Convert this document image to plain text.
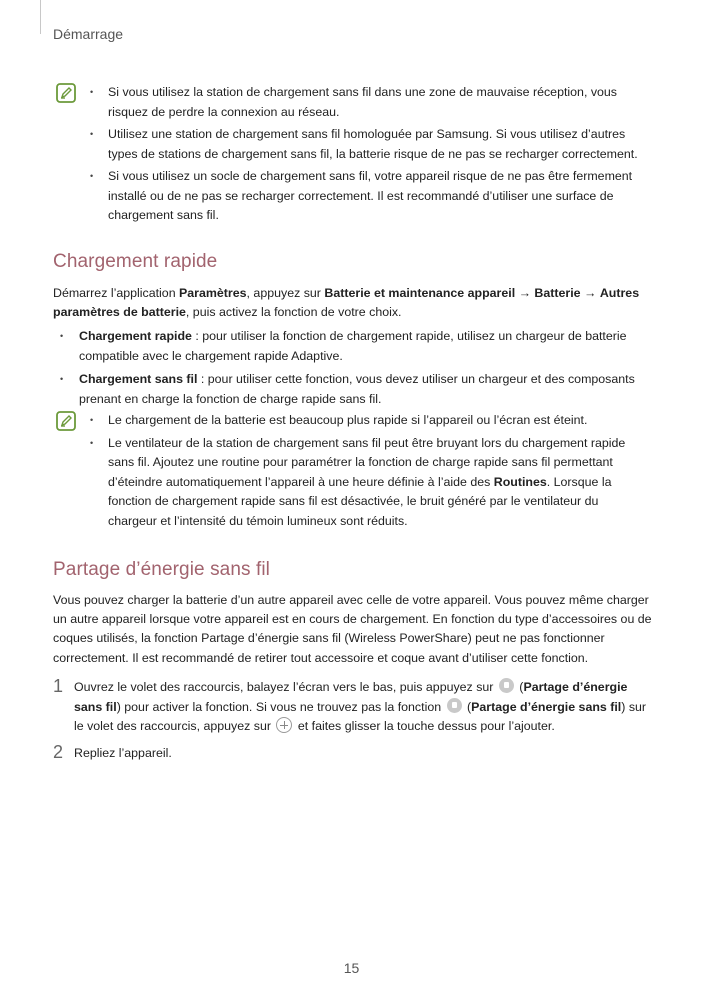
Démarrage
• Si vous utilisez la station de chargement sans fil dans une zone de mauvaise réception, vous risquez de perdre la connexion au réseau.
• Utilisez une station de chargement sans fil homologuée par Samsung. Si vous utilisez d’autres types de stations de chargement sans fil, la batterie risque de ne pas se recharger correctement.
• Si vous utilisez un socle de chargement sans fil, votre appareil risque de ne pas être fermement installé ou de ne pas se recharger correctement. Il est recommandé d’utiliser une surface de chargement sans fil.
Chargement rapide

Démarrez l’application Paramètres, appuyez sur Batterie et maintenance appareil → Batterie → Autres paramètres de batterie, puis activez la fonction de votre choix.

• Chargement rapide : pour utiliser la fonction de chargement rapide, utilisez un chargeur de batterie compatible avec le chargement rapide Adaptive.
• Chargement sans fil : pour utiliser cette fonction, vous devez utiliser un chargeur et des composants prenant en charge la fonction de charge rapide sans fil.
• Le chargement de la batterie est beaucoup plus rapide si l’appareil ou l’écran est éteint.
• Le ventilateur de la station de chargement sans fil peut être bruyant lors du chargement rapide sans fil. Ajoutez une routine pour paramétrer la fonction de charge rapide sans fil permettant d’éteindre automatiquement l’appareil à une heure définie à l’aide des Routines. Lorsque la fonction de chargement rapide sans fil est désactivée, le bruit généré par le ventilateur du chargeur et l’intensité du témoin lumineux sont réduits.
Partage d’énergie sans fil

Vous pouvez charger la batterie d’un autre appareil avec celle de votre appareil. Vous pouvez même charger un autre appareil lorsque votre appareil est en cours de chargement. En fonction du type d’accessoires ou de coques utilisés, la fonction Partage d’énergie sans fil (Wireless PowerShare) peut ne pas fonctionner correctement. Il est recommandé de retirer tout accessoire et coque avant d’utiliser cette fonction.

1 Ouvrez le volet des raccourcis, balayez l’écran vers le bas, puis appuyez sur  (Partage d’énergie sans fil) pour activer la fonction. Si vous ne trouvez pas la fonction  (Partage d’énergie sans fil) sur le volet des raccourcis, appuyez sur  et faites glisser la touche dessus pour l’ajouter.
2 Repliez l’appareil.
15
